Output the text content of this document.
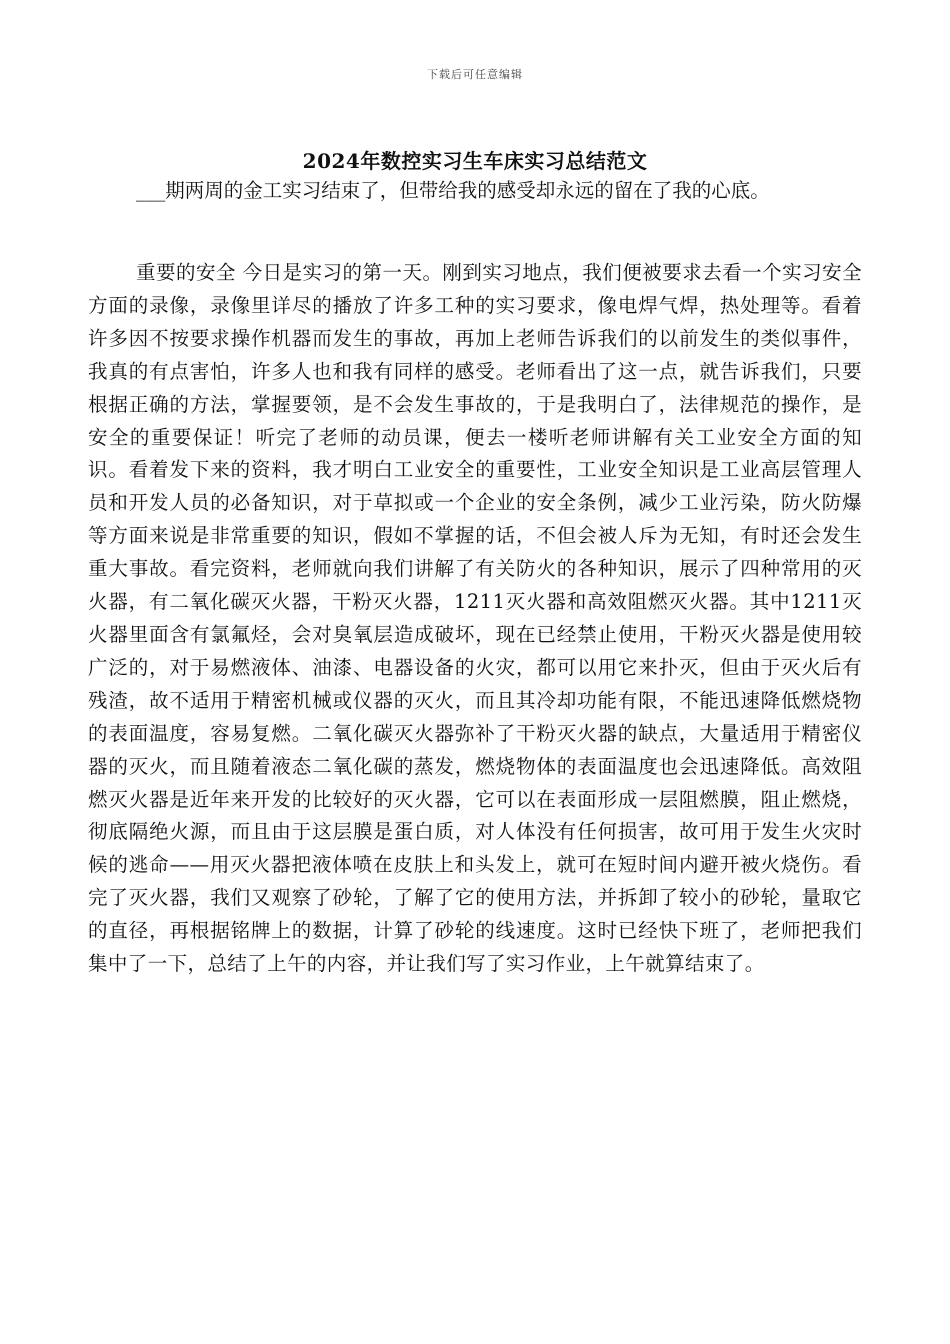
下载后可任意编辑
2024年数控实习生车床实习总结范文

___期两周的金工实习结束了，但带给我的感受却永远的留在了我的心底。

重要的安全 今日是实习的第一天。刚到实习地点，我们便被要求去看一个实习安全方面的录像，录像里详尽的播放了许多工种的实习要求，像电焊气焊，热处理等。看着许多因不按要求操作机器而发生的事故，再加上老师告诉我们的以前发生的类似事件，我真的有点害怕，许多人也和我有同样的感受。老师看出了这一点，就告诉我们，只要根据正确的方法，掌握要领，是不会发生事故的，于是我明白了，法律规范的操作，是安全的重要保证！听完了老师的动员课，便去一楼听老师讲解有关工业安全方面的知识。看着发下来的资料，我才明白工业安全的重要性，工业安全知识是工业高层管理人员和开发人员的必备知识，对于草拟或一个企业的安全条例，减少工业污染，防火防爆等方面来说是非常重要的知识，假如不掌握的话，不但会被人斥为无知，有时还会发生重大事故。看完资料，老师就向我们讲解了有关防火的各种知识，展示了四种常用的灭火器，有二氧化碳灭火器，干粉灭火器，1211灭火器和高效阻燃灭火器。其中1211灭火器里面含有氯氟烃，会对臭氧层造成破坏，现在已经禁止使用，干粉灭火器是使用较广泛的，对于易燃液体、油漆、电器设备的火灾，都可以用它来扑灭，但由于灭火后有残渣，故不适用于精密机械或仪器的灭火，而且其冷却功能有限，不能迅速降低燃烧物的表面温度，容易复燃。二氧化碳灭火器弥补了干粉灭火器的缺点，大量适用于精密仪器的灭火，而且随着液态二氧化碳的蒸发，燃烧物体的表面温度也会迅速降低。高效阻燃灭火器是近年来开发的比较好的灭火器，它可以在表面形成一层阻燃膜，阻止燃烧，彻底隔绝火源，而且由于这层膜是蛋白质，对人体没有任何损害，故可用于发生火灾时候的逃命——用灭火器把液体喷在皮肤上和头发上，就可在短时间内避开被火烧伤。看完了灭火器，我们又观察了砂轮，了解了它的使用方法，并拆卸了较小的砂轮，量取它的直径，再根据铭牌上的数据，计算了砂轮的线速度。这时已经快下班了，老师把我们集中了一下，总结了上午的内容，并让我们写了实习作业，上午就算结束了。
